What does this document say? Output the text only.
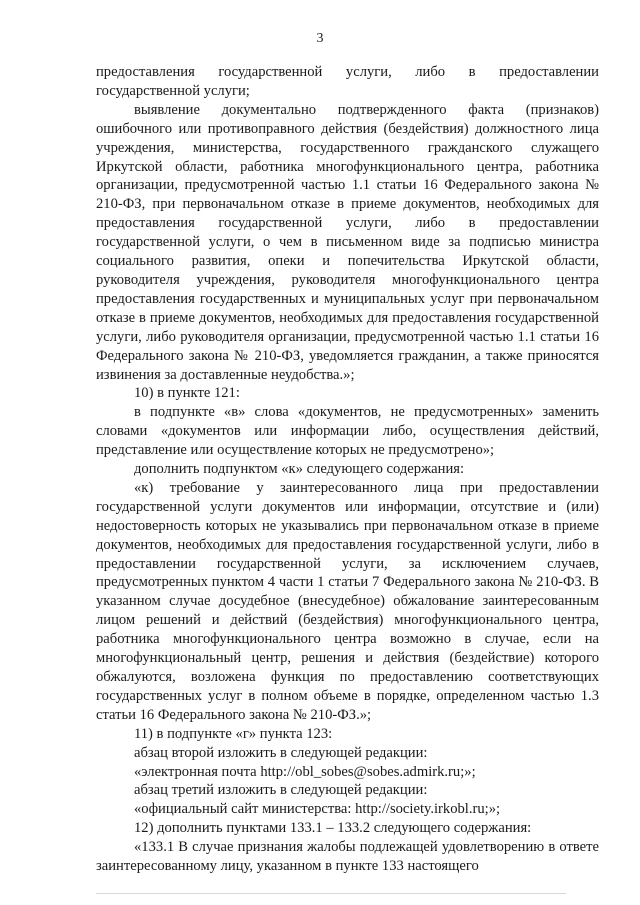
3

предоставления государственной услуги, либо в предоставлении государственной услуги;

выявление документально подтвержденного факта (признаков) ошибочного или противоправного действия (бездействия) должностного лица учреждения, министерства, государственного гражданского служащего Иркутской области, работника многофункционального центра, работника организации, предусмотренной частью 1.1 статьи 16 Федерального закона № 210-ФЗ, при первоначальном отказе в приеме документов, необходимых для предоставления государственной услуги, либо в предоставлении государственной услуги, о чем в письменном виде за подписью министра социального развития, опеки и попечительства Иркутской области, руководителя учреждения, руководителя многофункционального центра предоставления государственных и муниципальных услуг при первоначальном отказе в приеме документов, необходимых для предоставления государственной услуги, либо руководителя организации, предусмотренной частью 1.1 статьи 16 Федерального закона № 210-ФЗ, уведомляется гражданин, а также приносятся извинения за доставленные неудобства.»;

10) в пункте 121:

в подпункте «в» слова «документов, не предусмотренных» заменить словами «документов или информации либо, осуществления действий, представление или осуществление которых не предусмотрено»;

дополнить подпунктом «к» следующего содержания:

«к) требование у заинтересованного лица при предоставлении государственной услуги документов или информации, отсутствие и (или) недостоверность которых не указывались при первоначальном отказе в приеме документов, необходимых для предоставления государственной услуги, либо в предоставлении государственной услуги, за исключением случаев, предусмотренных пунктом 4 части 1 статьи 7 Федерального закона № 210-ФЗ. В указанном случае досудебное (внесудебное) обжалование заинтересованным лицом решений и действий (бездействия) многофункционального центра, работника многофункционального центра возможно в случае, если на многофункциональный центр, решения и действия (бездействие) которого обжалуются, возложена функция по предоставлению соответствующих государственных услуг в полном объеме в порядке, определенном частью 1.3 статьи 16 Федерального закона № 210-ФЗ.»;

11) в подпункте «г» пункта 123:

абзац второй изложить в следующей редакции:

«электронная почта http://obl_sobes@sobes.admirk.ru;»;

абзац третий изложить в следующей редакции:

«официальный сайт министерства: http://society.irkobl.ru;»;

12) дополнить пунктами 133.1 – 133.2 следующего содержания:

«133.1 В случае признания жалобы подлежащей удовлетворению в ответе заинтересованному лицу, указанном в пункте 133 настоящего
